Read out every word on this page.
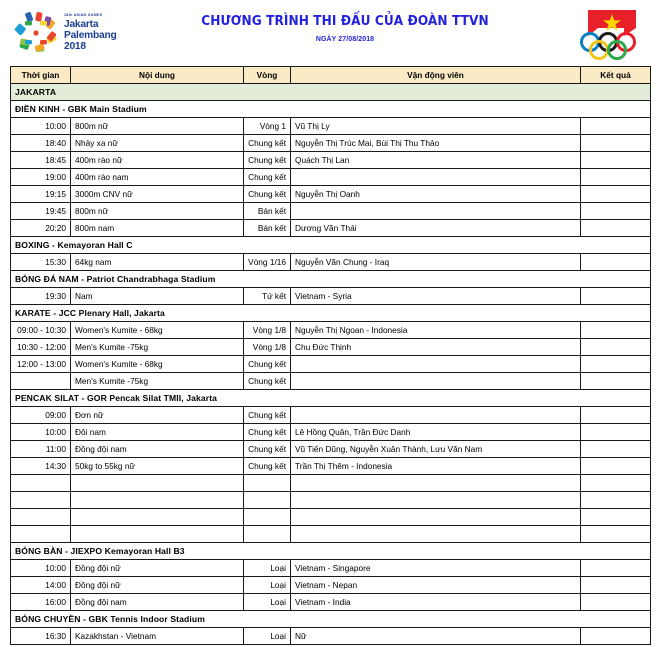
18th ASIAN GAMES
Jakarta
Palembang
2018
CHƯƠNG TRÌNH THI ĐẤU CỦA ĐOÀN TTVN
NGÀY 27/08/2018
Thời gian	Nội dung	Vòng	Vận động viên	Kết quả
JAKARTA				
ĐIỀN KINH - GBK Main Stadium				
10:00	800m nữ	Vòng 1	Vũ Thị Ly	
18:40	Nhảy xa nữ	Chung kết	Nguyễn Thị Trúc Mai, Bùi Thị Thu Thảo	
18:45	400m rào nữ	Chung kết	Quách Thị Lan	
19:00	400m rào nam	Chung kết		
19:15	3000m CNV nữ	Chung kết	Nguyễn Thị Oanh	
19:45	800m nữ	Bán kết		
20:20	800m nam	Bán kết	Dương Văn Thái	
BOXING - Kemayoran Hall C				
15:30	64kg nam	Vòng 1/16	Nguyễn Văn Chung - Iraq	
BÓNG ĐÁ NAM - Patriot Chandrabhaga Stadium				
19:30	Nam	Tứ kết	Vietnam - Syria	
KARATE - JCC Plenary Hall, Jakarta				
09:00 - 10:30	Women's Kumite - 68kg	Vòng 1/8	Nguyễn Thị Ngoan - Indonesia	
10:30 - 12:00	Men's Kumite -75kg	Vòng 1/8	Chu Đức Thịnh	
12:00 - 13:00	Women's Kumite - 68kg	Chung kết		
	Men's Kumite -75kg	Chung kết		
PENCAK SILAT - GOR Pencak Silat TMII, Jakarta				
09:00	Đơn nữ	Chung kết		
10:00	Đôi nam	Chung kết	Lê Hồng Quân, Trần Đức Danh	
11:00	Đồng đội nam	Chung kết	Vũ Tiến Dũng, Nguyễn Xuân Thành, Lưu Văn Nam	
14:30	50kg to 55kg nữ	Chung kết	Trần Thị Thêm - Indonesia	

BÓNG BÀN - JIEXPO Kemayoran Hall B3				
10:00	Đồng đội nữ	Loại	Vietnam - Singapore	
14:00	Đồng đội nữ	Loại	Vietnam - Nepan	
16:00	Đồng đội nam	Loại	Vietnam - India	
BÓNG CHUYỀN - GBK Tennis Indoor Stadium				
16:30	Kazakhstan - Vietnam	Loại	Nữ	
